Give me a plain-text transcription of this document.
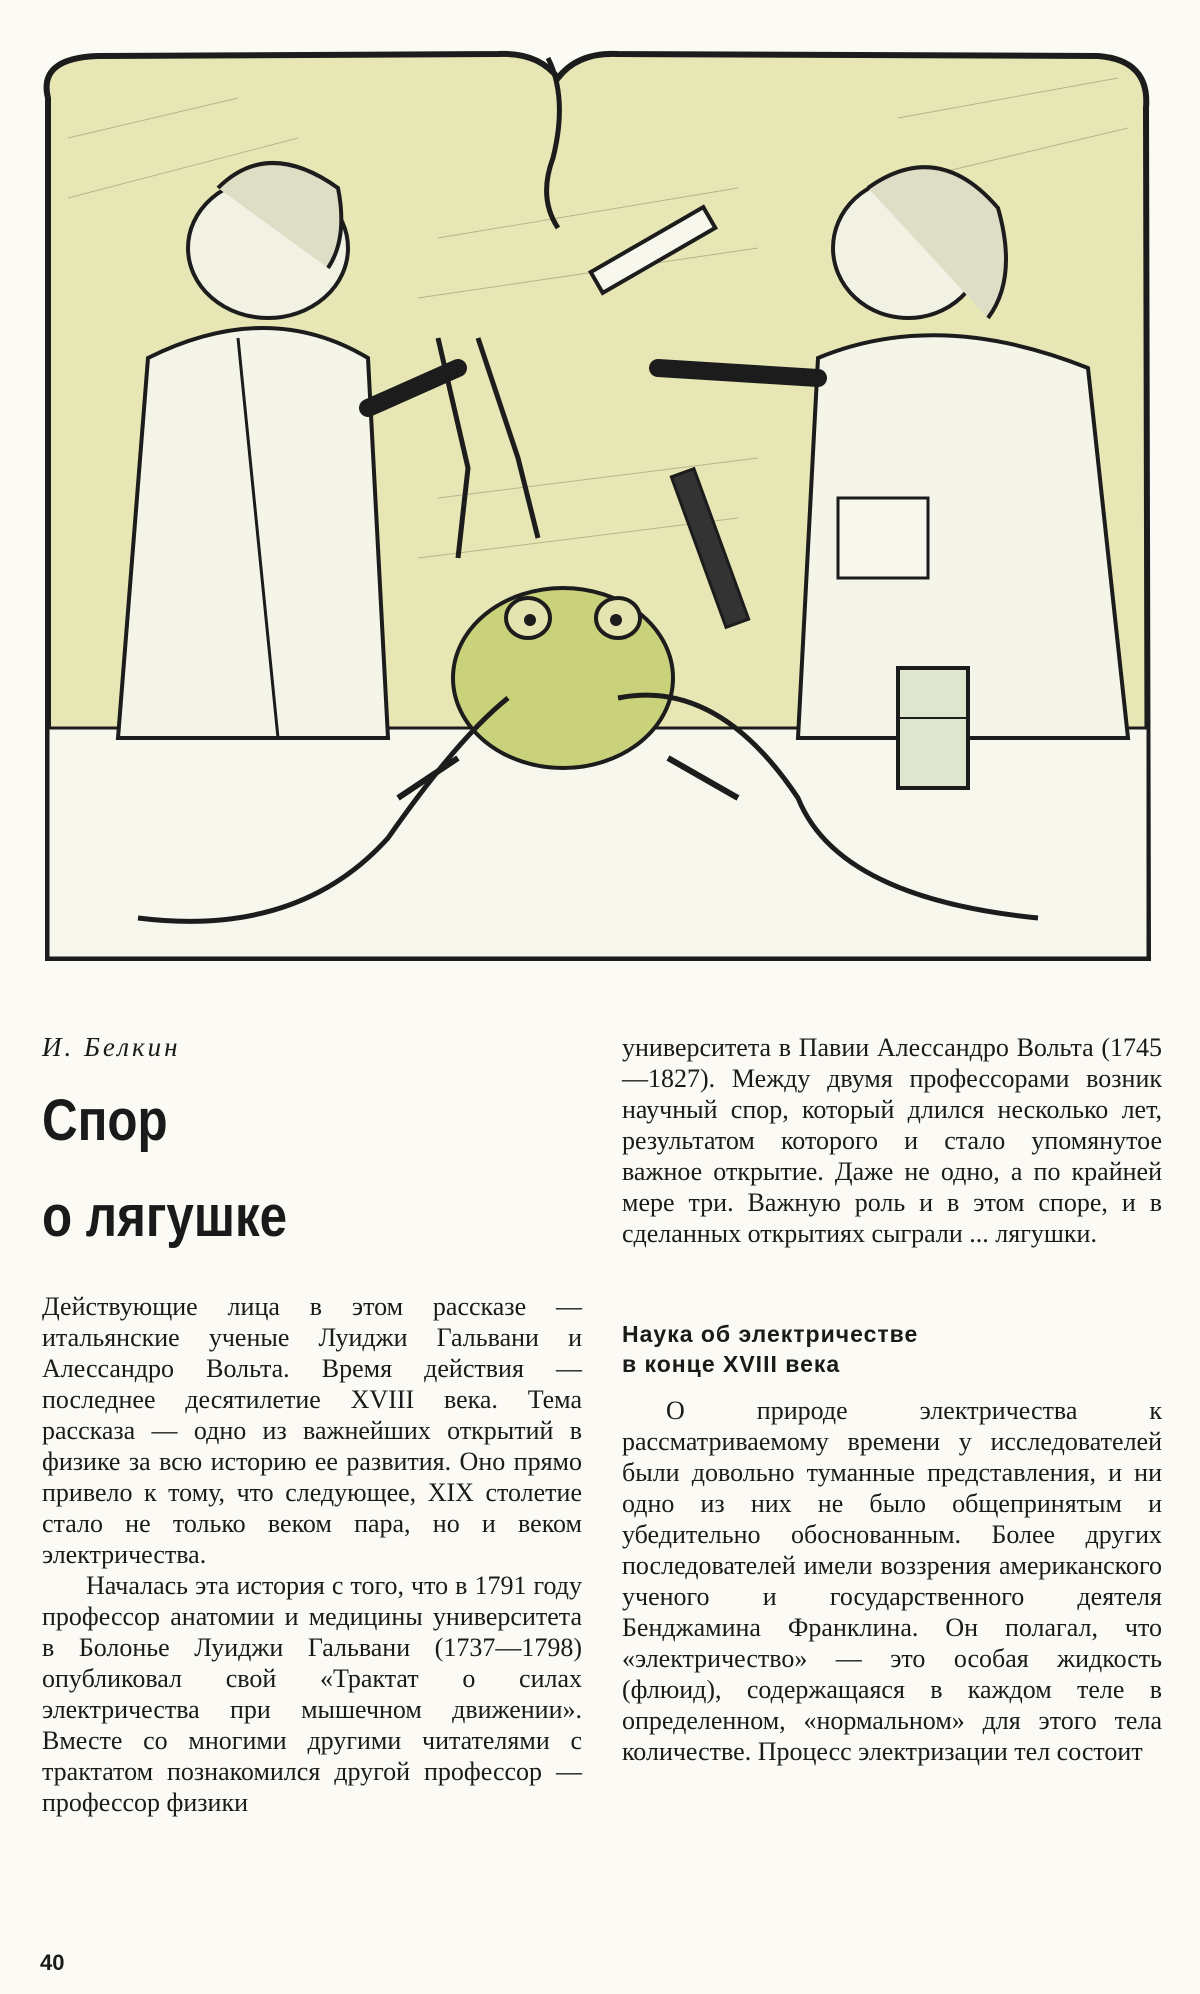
И. Белкин
Спор
о лягушке

Действующие лица в этом рассказе — итальянские ученые Луиджи Гальвани и Алессандро Вольта. Время действия — последнее десятилетие XVIII века. Тема рассказа — одно из важнейших открытий в физике за всю историю ее развития. Оно прямо привело к тому, что следующее, XIX столетие стало не только веком пара, но и веком электричества.

Началась эта история с того, что в 1791 году профессор анатомии и медицины университета в Болонье Луиджи Гальвани (1737—1798) опубликовал свой «Трактат о силах электричества при мышечном движении». Вместе со многими другими читателями с трактатом познакомился другой профессор — профессор физики

университета в Павии Алессандро Вольта (1745—1827). Между двумя профессорами возник научный спор, который длился несколько лет, результатом которого и стало упомянутое важное открытие. Даже не одно, а по крайней мере три. Важную роль и в этом споре, и в сделанных открытиях сыграли ... лягушки.

Наука об электричестве
в конце XVIII века

О природе электричества к рассматриваемому времени у исследователей были довольно туманные представления, и ни одно из них не было общепринятым и убедительно обоснованным. Более других последователей имели воззрения американского ученого и государственного деятеля Бенджамина Франклина. Он полагал, что «электричество» — это особая жидкость (флюид), содержащаяся в каждом теле в определенном, «нормальном» для этого тела количестве. Процесс электризации тел состоит

40
